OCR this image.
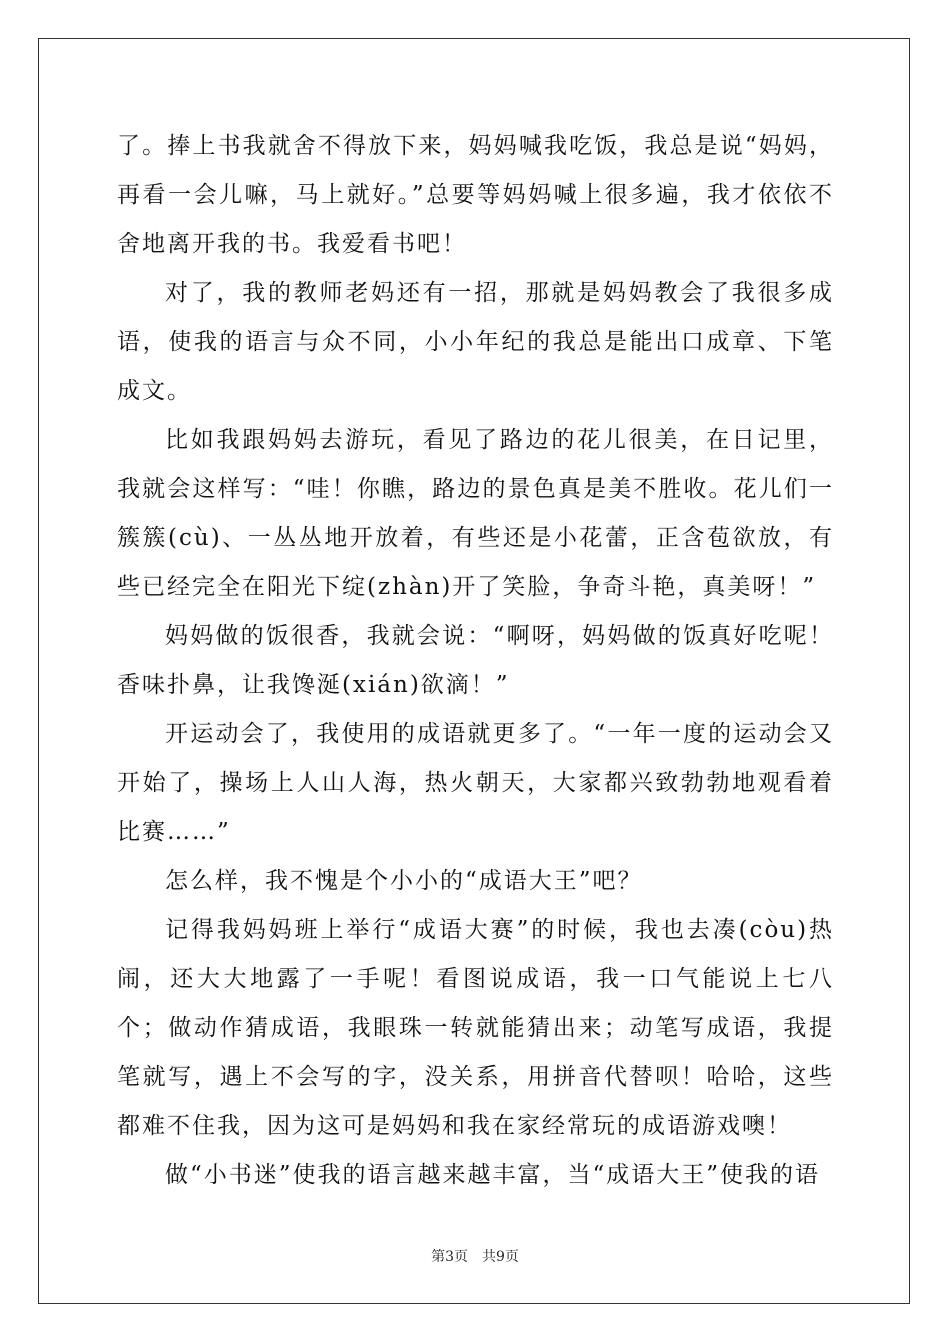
了。捧上书我就舍不得放下来，妈妈喊我吃饭，我总是说“妈妈，再看一会儿嘛，马上就好。”总要等妈妈喊上很多遍，我才依依不舍地离开我的书。我爱看书吧！

对了，我的教师老妈还有一招，那就是妈妈教会了我很多成语，使我的语言与众不同，小小年纪的我总是能出口成章、下笔成文。

比如我跟妈妈去游玩，看见了路边的花儿很美，在日记里，我就会这样写：“哇！你瞧，路边的景色真是美不胜收。花儿们一簇簇(cù)、一丛丛地开放着，有些还是小花蕾，正含苞欲放，有些已经完全在阳光下绽(zhàn)开了笑脸，争奇斗艳，真美呀！”

妈妈做的饭很香，我就会说：“啊呀，妈妈做的饭真好吃呢！香味扑鼻，让我馋涎(xián)欲滴！”

开运动会了，我使用的成语就更多了。“一年一度的运动会又开始了，操场上人山人海，热火朝天，大家都兴致勃勃地观看着比赛……”

怎么样，我不愧是个小小的“成语大王”吧？

记得我妈妈班上举行“成语大赛”的时候，我也去凑(còu)热闹，还大大地露了一手呢！看图说成语，我一口气能说上七八个；做动作猜成语，我眼珠一转就能猜出来；动笔写成语，我提笔就写，遇上不会写的字，没关系，用拼音代替呗！哈哈，这些都难不住我，因为这可是妈妈和我在家经常玩的成语游戏噢！

做“小书迷”使我的语言越来越丰富，当“成语大王”使我的语

第3页　共9页
